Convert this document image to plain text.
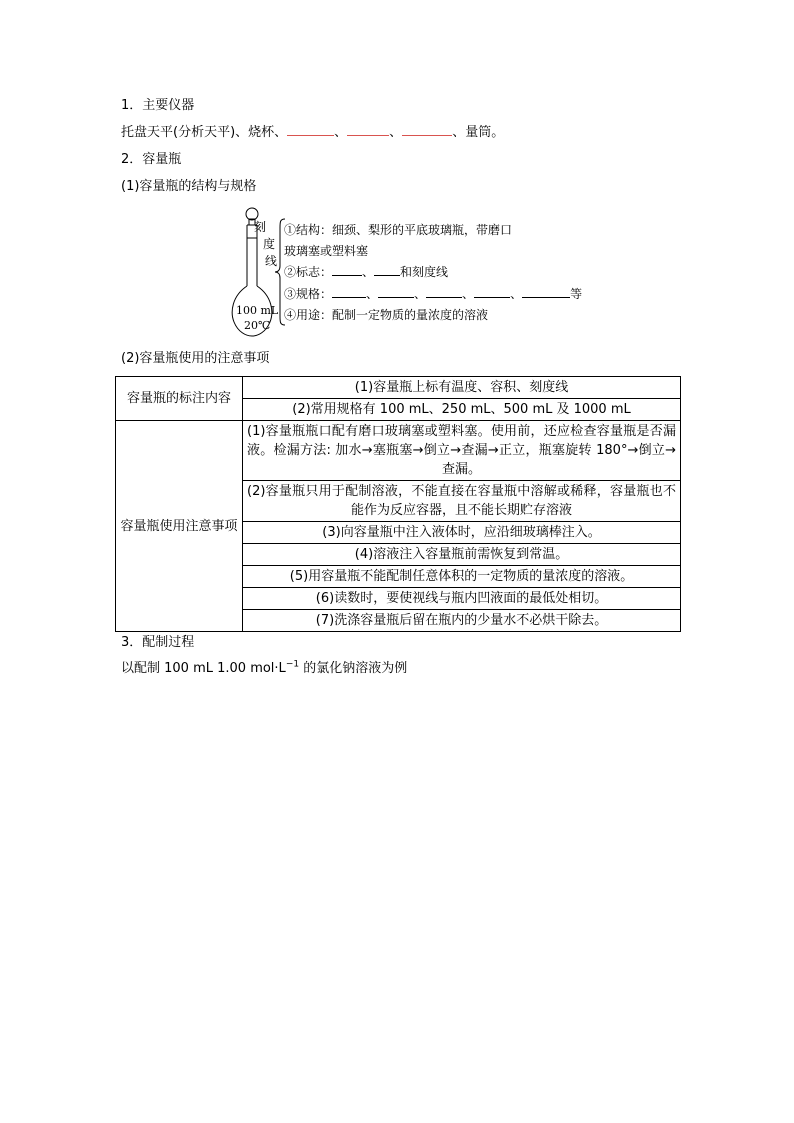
1．主要仪器
托盘天平(分析天平)、烧杯、	、	、	、量筒。
2．容量瓶
(1)容量瓶的结构与规格
刻
度
线
100 mL
20℃
①结构：细颈、梨形的平底玻璃瓶，带磨口
玻璃塞或塑料塞
②标志：	、 和刻度线
③规格：	、	、	、	、	等
④用途：配制一定物质的量浓度的溶液
(2)容量瓶使用的注意事项
容量瓶的标注内容	(1)容量瓶上标有温度、容积、刻度线
	(2)常用规格有 100 mL、250 mL、500 mL 及 1000 mL
容量瓶使用注意事项	(1)容量瓶瓶口配有磨口玻璃塞或塑料塞。使用前，还应检查容量瓶是否漏液。检漏方法: 加水→塞瓶塞→倒立→查漏→正立，瓶塞旋转 180°→倒立→查漏。
	(2)容量瓶只用于配制溶液，不能直接在容量瓶中溶解或稀释，容量瓶也不能作为反应容器，且不能长期贮存溶液
	(3)向容量瓶中注入液体时，应沿细玻璃棒注入。
	(4)溶液注入容量瓶前需恢复到常温。
	(5)用容量瓶不能配制任意体积的一定物质的量浓度的溶液。
	(6)读数时，要使视线与瓶内凹液面的最低处相切。
	(7)洗涤容量瓶后留在瓶内的少量水不必烘干除去。
3．配制过程
以配制 100 mL 1.00 $mol\cdot L^{-1}$ 的氯化钠溶液为例
